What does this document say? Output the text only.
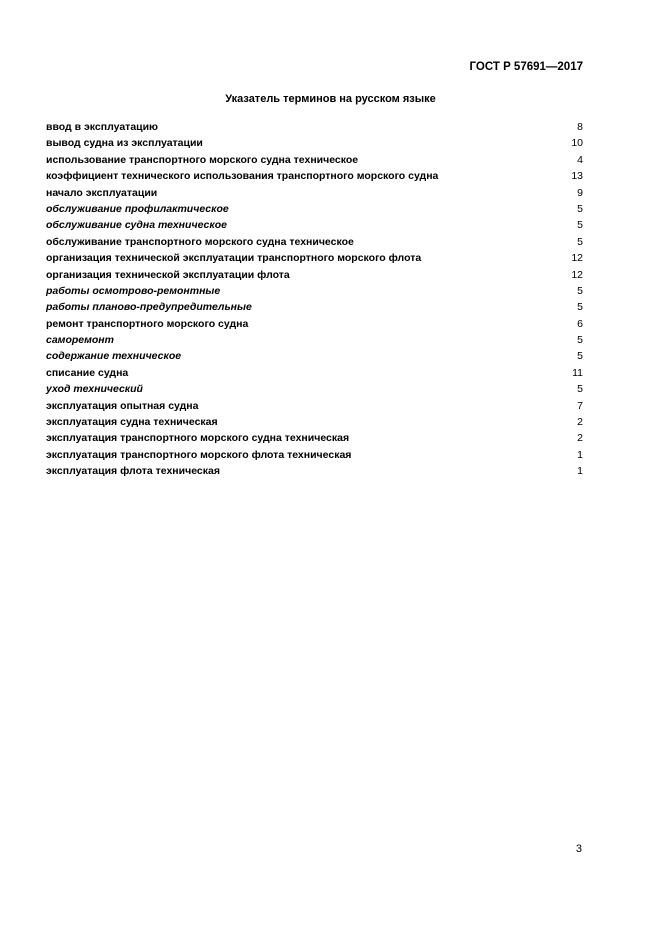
ГОСТ Р 57691—2017
Указатель терминов на русском языке
ввод в эксплуатацию	8
вывод судна из эксплуатации	10
использование транспортного морского судна техническое	4
коэффициент технического использования транспортного морского судна	13
начало эксплуатации	9
обслуживание профилактическое	5
обслуживание судна техническое	5
обслуживание транспортного морского судна техническое	5
организация технической эксплуатации транспортного морского флота	12
организация технической эксплуатации флота	12
работы осмотрово-ремонтные	5
работы планово-предупредительные	5
ремонт транспортного морского судна	6
саморемонт	5
содержание техническое	5
списание судна	11
уход технический	5
эксплуатация опытная судна	7
эксплуатация судна техническая	2
эксплуатация транспортного морского судна техническая	2
эксплуатация транспортного морского флота техническая	1
эксплуатация флота техническая	1
3
